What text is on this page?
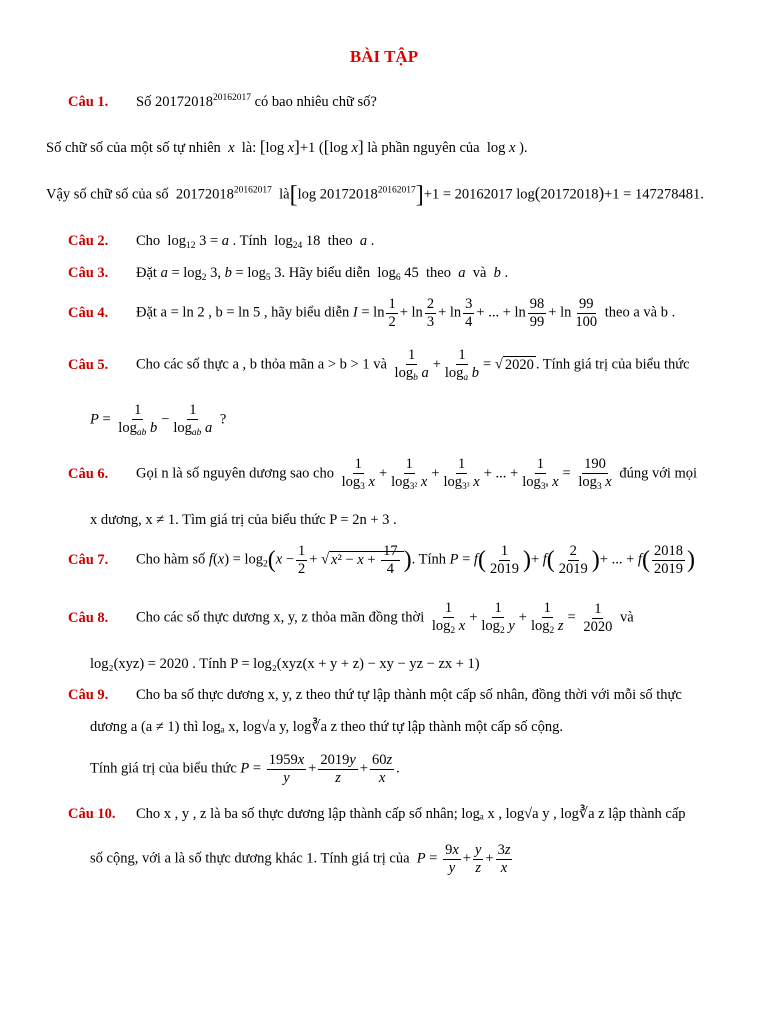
BÀI TẬP
Câu 1. Số $20172018^{20162017}$ có bao nhiêu chữ số?
Số chữ số của một số tự nhiên  x  là: [log x]+1 ([log x] là phần nguyên của  log x ).
Vậy số chữ số của số  $20172018^{20162017}$  là[log $20172018^{20162017}]+1 = 20162017$ log(20172018)+1 = 147278481.
Câu 2. Cho  $\log_{12} 3 = a$ . Tính  $\log_{24} 18$  theo  a .
Câu 3. Đặt $a = \log_2 3$, $b = \log_5 3$. Hãy biểu diễn  $\log_6 45$  theo  a  và  b .
Câu 4. Đặt a = ln 2 , b = ln 5 , hãy biểu diễn $I = \ln \frac{1}{2} + \ln \frac{2}{3} + \ln \frac{3}{4}$ + ... + $\ln \frac{98}{99} + \ln \frac{99}{100}$ theo a và b .
Câu 5. Cho các số thực a , b thỏa mãn a > b > 1 và $\frac{1}{\log_b a} + \frac{1}{\log_a b}$ = √ 2020 . Tính giá trị của biểu thức
$P = \frac{1}{\log_{ab} b} - \frac{1}{\log_{ab} a}$ ?
Câu 6. Gọi n là số nguyên dương sao cho $\frac{1}{\log_3 x} + \frac{1}{\log_{3^2} x} + \frac{1}{\log_{3^3} x}$ + ... + $\frac{1}{\log_{3^n} x} = \frac{190}{\log_3 x}$ đúng với mọi
x dương, x ≠ 1. Tìm giá trị của biểu thức P = 2n + 3 .
Câu 7. Cho hàm số $f(x) = \log_2(x - \frac{1}{2}$ + √ $x^2 - x + \frac{17}{4}$ ). Tính $P = f( \frac{1}{2019}$ )+ $f( \frac{2}{2019}$ )+ ... + $f( \frac{2018}{2019}$ )
Câu 8. Cho các số thực dương x, y, z thỏa mãn đồng thời $\frac{1}{\log_2 x} + \frac{1}{\log_2 y} + \frac{1}{\log_2 z} = \frac{1}{2020}$ và
log₂(xyz) = 2020 . Tính P = log₂(xyz(x + y + z) − xy − yz − zx + 1)
Câu 9. Cho ba số thực dương x, y, z theo thứ tự lập thành một cấp số nhân, đồng thời với mỗi số thực
dương a (a ≠ 1) thì logₐ x, log√a y, log∛a z theo thứ tự lập thành một cấp số cộng.
Tính giá trị của biểu thức $P = \frac{1959x}{y} + \frac{2019y}{z} + \frac{60z}{x}$ .
Câu 10. Cho x , y , z là ba số thực dương lập thành cấp số nhân; logₐ x , log√a y , log∛a z lập thành cấp
số cộng, với a là số thực dương khác 1. Tính giá trị của $P = \frac{9x}{y} + \frac{y}{z} + \frac{3z}{x}$
